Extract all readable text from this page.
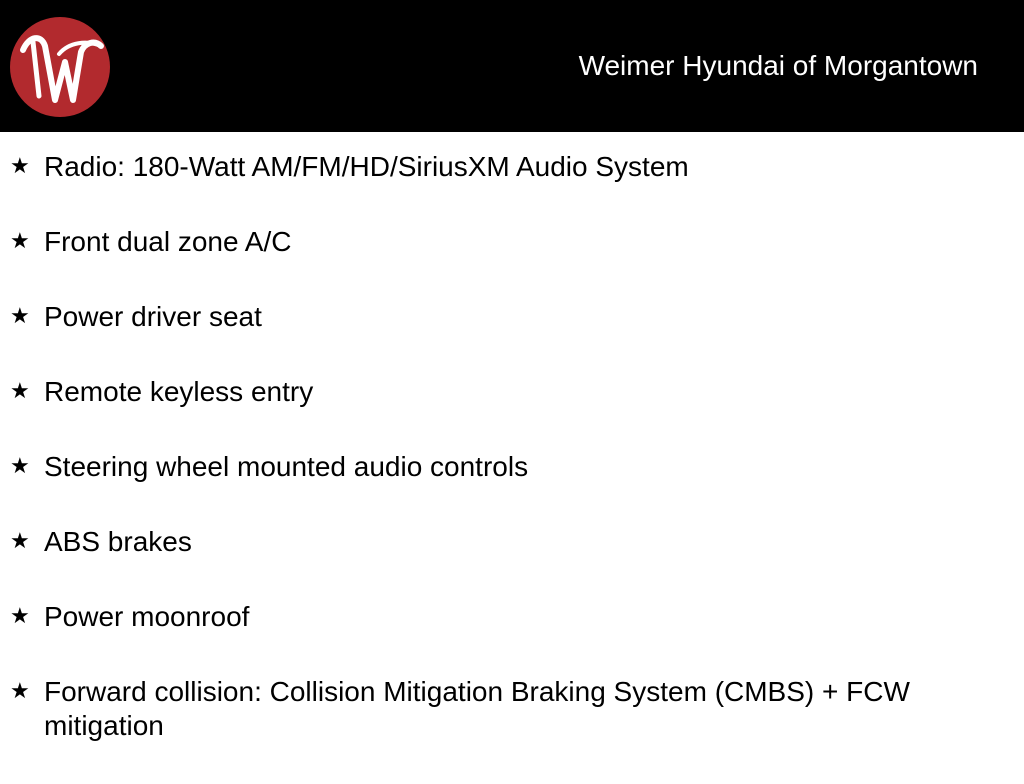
Weimer Hyundai of Morgantown
★ Radio: 180-Watt AM/FM/HD/SiriusXM Audio System
★ Front dual zone A/C
★ Power driver seat
★ Remote keyless entry
★ Steering wheel mounted audio controls
★ ABS brakes
★ Power moonroof
★ Forward collision: Collision Mitigation Braking System (CMBS) + FCW mitigation
